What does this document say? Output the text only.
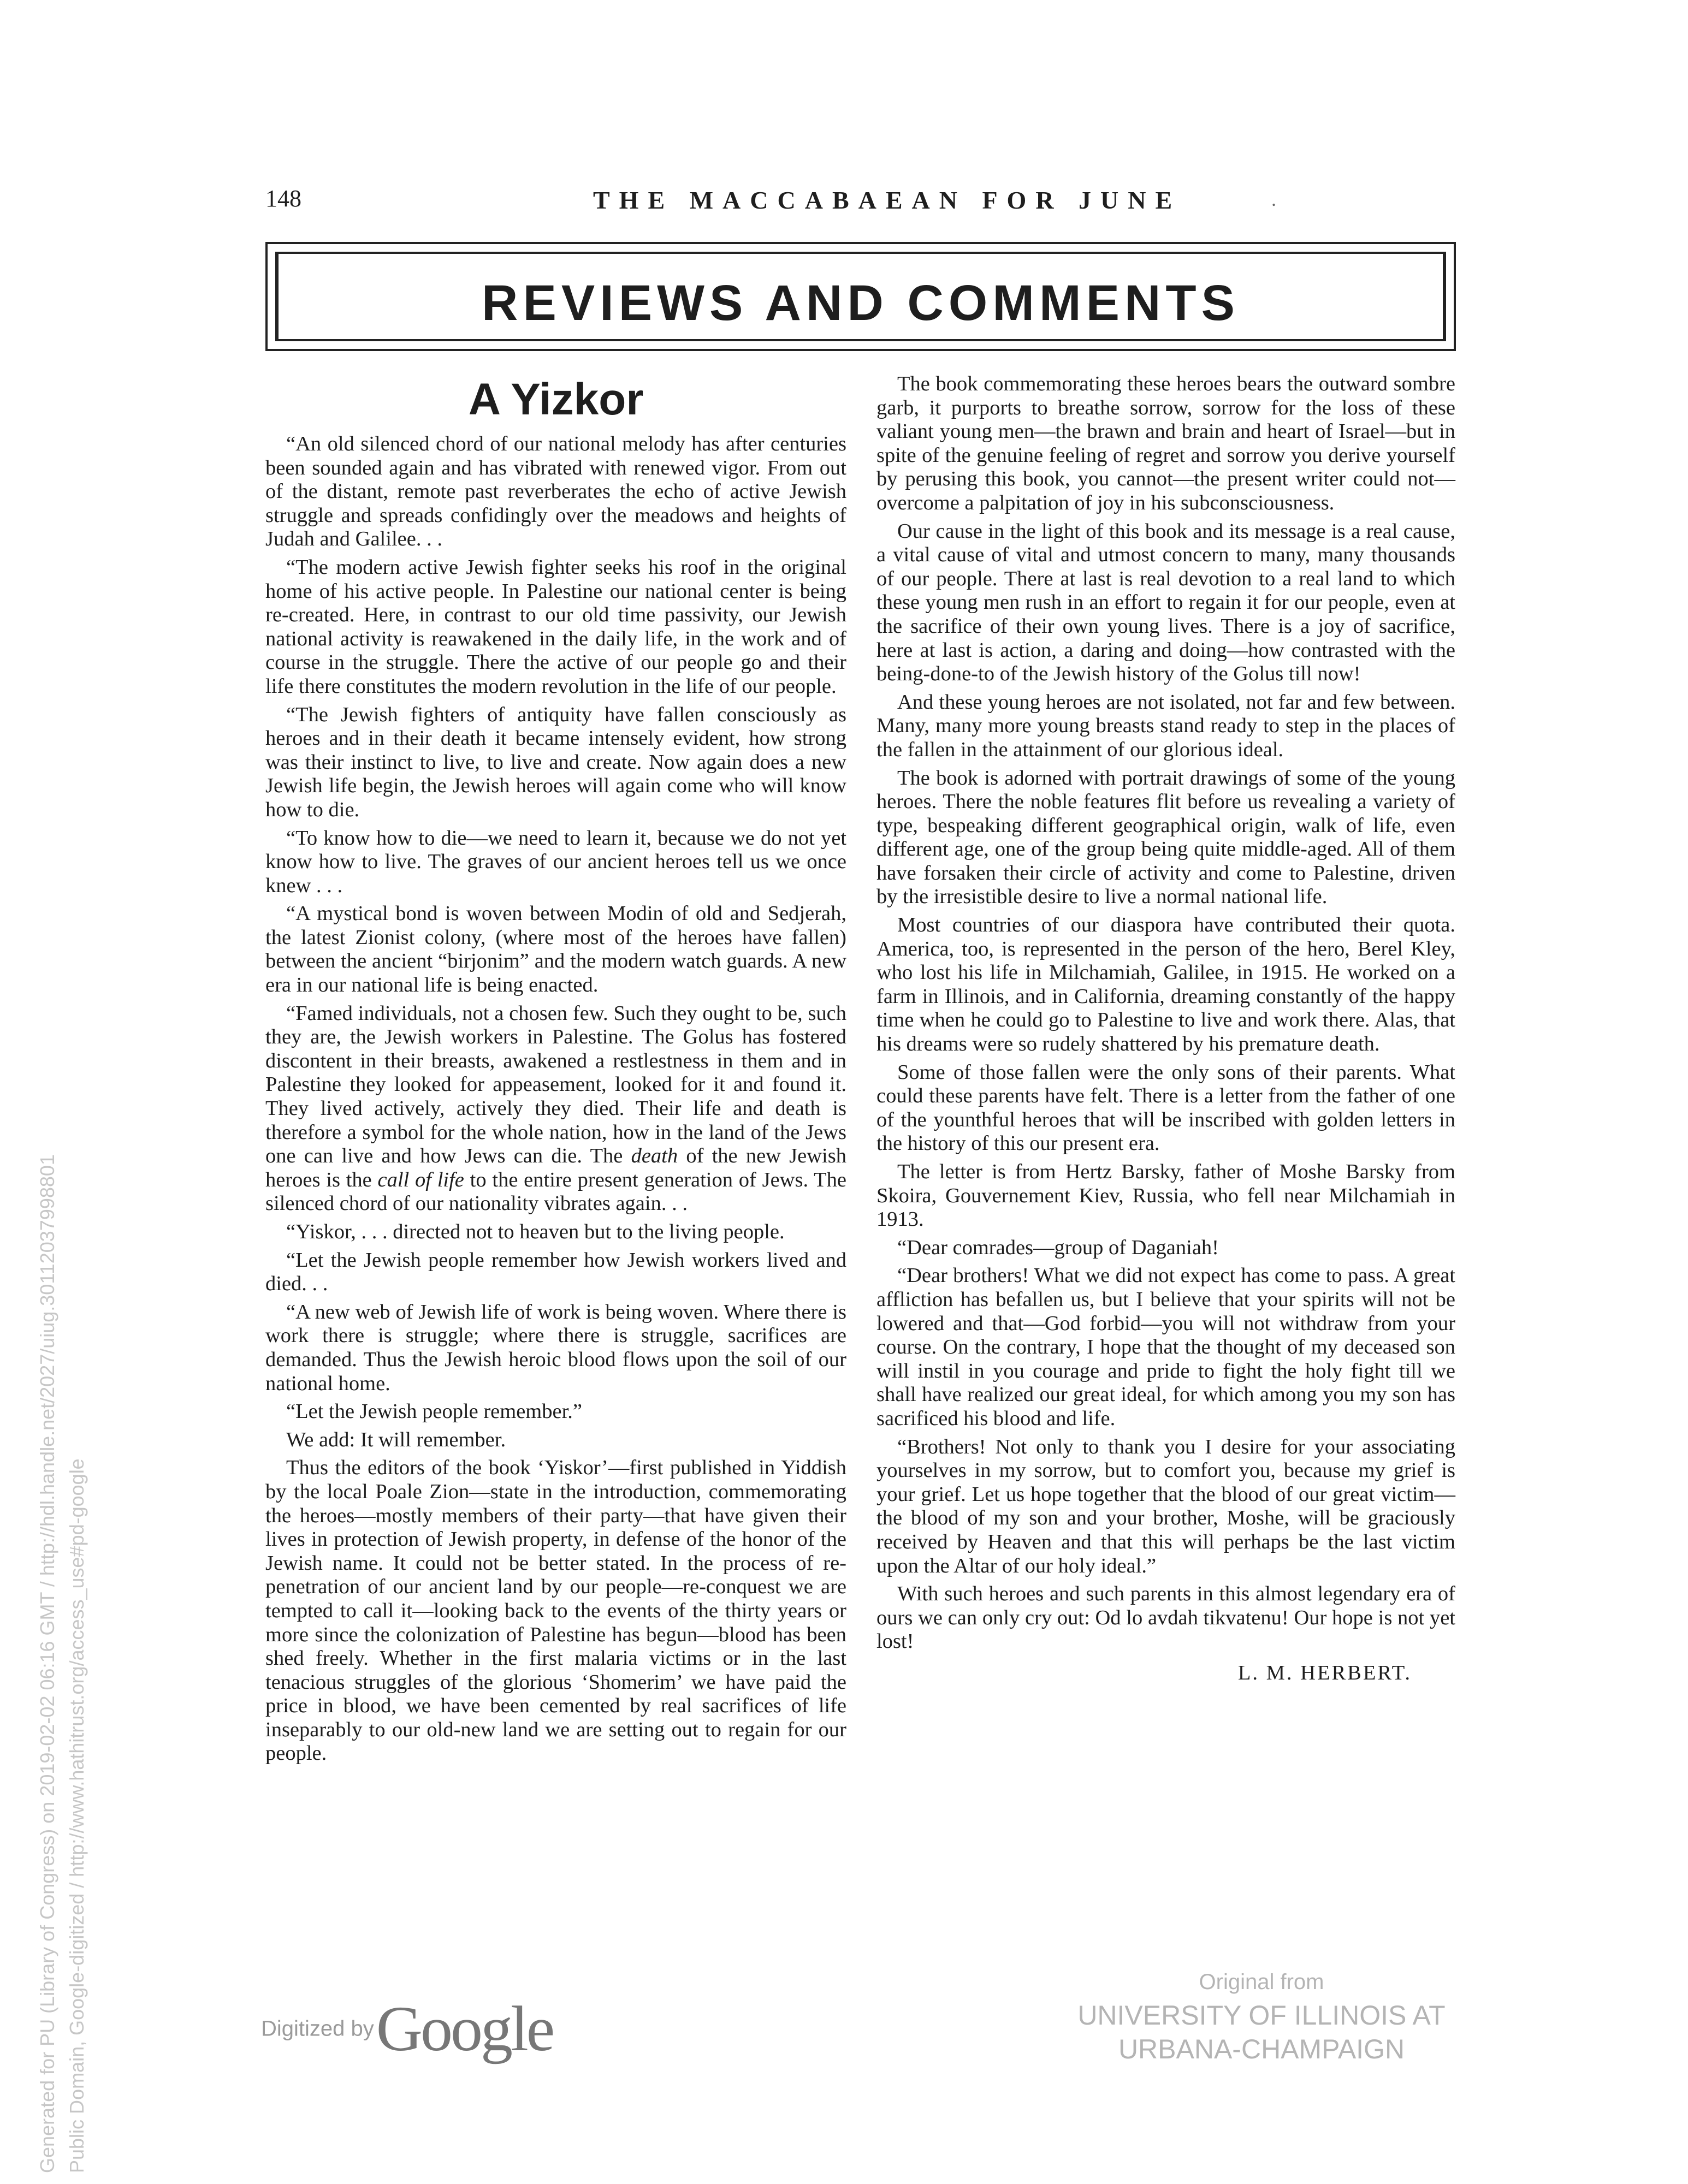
148	THE MACCABAEAN FOR JUNE	.
REVIEWS AND COMMENTS
A Yizkor

“An old silenced chord of our national melody has after centuries been sounded again and has vibrated with renewed vigor. From out of the distant, remote past reverberates the echo of active Jewish struggle and spreads confidingly over the meadows and heights of Judah and Galilee. . .

“The modern active Jewish fighter seeks his roof in the original home of his active people. In Palestine our national center is being re-created. Here, in contrast to our old time passivity, our Jewish national activity is reawakened in the daily life, in the work and of course in the struggle. There the active of our people go and their life there constitutes the modern revolution in the life of our people.

“The Jewish fighters of antiquity have fallen consciously as heroes and in their death it became intensely evident, how strong was their instinct to live, to live and create. Now again does a new Jewish life begin, the Jewish heroes will again come who will know how to die.

“To know how to die—we need to learn it, because we do not yet know how to live. The graves of our ancient heroes tell us we once knew . . .

“A mystical bond is woven between Modin of old and Sedjerah, the latest Zionist colony, (where most of the heroes have fallen) between the ancient “birjonim” and the modern watch guards. A new era in our national life is being enacted.

“Famed individuals, not a chosen few. Such they ought to be, such they are, the Jewish workers in Palestine. The Golus has fostered discontent in their breasts, awakened a restlestness in them and in Palestine they looked for appeasement, looked for it and found it. They lived actively, actively they died. Their life and death is therefore a symbol for the whole nation, how in the land of the Jews one can live and how Jews can die. The death of the new Jewish heroes is the call of life to the entire present generation of Jews. The silenced chord of our nationality vibrates again. . .

“Yiskor, . . . directed not to heaven but to the living people.

“Let the Jewish people remember how Jewish workers lived and died. . .

“A new web of Jewish life of work is being woven. Where there is work there is struggle; where there is struggle, sacrifices are demanded. Thus the Jewish heroic blood flows upon the soil of our national home.

“Let the Jewish people remember.”

We add: It will remember.

Thus the editors of the book ‘Yiskor’—first published in Yiddish by the local Poale Zion—state in the introduction, commemorating the heroes—mostly members of their party—that have given their lives in protection of Jewish property, in defense of the honor of the Jewish name. It could not be better stated. In the process of re-penetration of our ancient land by our people—re-conquest we are tempted to call it—looking back to the events of the thirty years or more since the colonization of Palestine has begun—blood has been shed freely. Whether in the first malaria victims or in the last tenacious struggles of the glorious ‘Shomerim’ we have paid the price in blood, we have been cemented by real sacrifices of life inseparably to our old-new land we are setting out to regain for our people.

The book commemorating these heroes bears the outward sombre garb, it purports to breathe sorrow, sorrow for the loss of these valiant young men—the brawn and brain and heart of Israel—but in spite of the genuine feeling of regret and sorrow you derive yourself by perusing this book, you cannot—the present writer could not—overcome a palpitation of joy in his subconsciousness.

Our cause in the light of this book and its message is a real cause, a vital cause of vital and utmost concern to many, many thousands of our people. There at last is real devotion to a real land to which these young men rush in an effort to regain it for our people, even at the sacrifice of their own young lives. There is a joy of sacrifice, here at last is action, a daring and doing—how contrasted with the being-done-to of the Jewish history of the Golus till now!

And these young heroes are not isolated, not far and few between. Many, many more young breasts stand ready to step in the places of the fallen in the attainment of our glorious ideal.

The book is adorned with portrait drawings of some of the young heroes. There the noble features flit before us revealing a variety of type, bespeaking different geographical origin, walk of life, even different age, one of the group being quite middle-aged. All of them have forsaken their circle of activity and come to Palestine, driven by the irresistible desire to live a normal national life.

Most countries of our diaspora have contributed their quota. America, too, is represented in the person of the hero, Berel Kley, who lost his life in Milchamiah, Galilee, in 1915. He worked on a farm in Illinois, and in California, dreaming constantly of the happy time when he could go to Palestine to live and work there. Alas, that his dreams were so rudely shattered by his premature death.

Some of those fallen were the only sons of their parents. What could these parents have felt. There is a letter from the father of one of the younthful heroes that will be inscribed with golden letters in the history of this our present era.

The letter is from Hertz Barsky, father of Moshe Barsky from Skoira, Gouvernement Kiev, Russia, who fell near Milchamiah in 1913.

“Dear comrades—group of Daganiah!

“Dear brothers! What we did not expect has come to pass. A great affliction has befallen us, but I believe that your spirits will not be lowered and that—God forbid—you will not withdraw from your course. On the contrary, I hope that the thought of my deceased son will instil in you courage and pride to fight the holy fight till we shall have realized our great ideal, for which among you my son has sacrificed his blood and life.

“Brothers! Not only to thank you I desire for your associating yourselves in my sorrow, but to comfort you, because my grief is your grief. Let us hope together that the blood of our great victim—the blood of my son and your brother, Moshe, will be graciously received by Heaven and that this will perhaps be the last victim upon the Altar of our holy ideal.”

With such heroes and such parents in this almost legendary era of ours we can only cry out: Od lo avdah tikvatenu! Our hope is not yet lost!

L. M. HERBERT.
Generated for PU (Library of Congress) on 2019-02-02 06:16 GMT / http://hdl.handle.net/2027/uiug.30112037998801 Public Domain, Google-digitized / http://www.hathitrust.org/access_use#pd-google	Digitized by Google
Original from
UNIVERSITY OF ILLINOIS AT
URBANA-CHAMPAIGN
